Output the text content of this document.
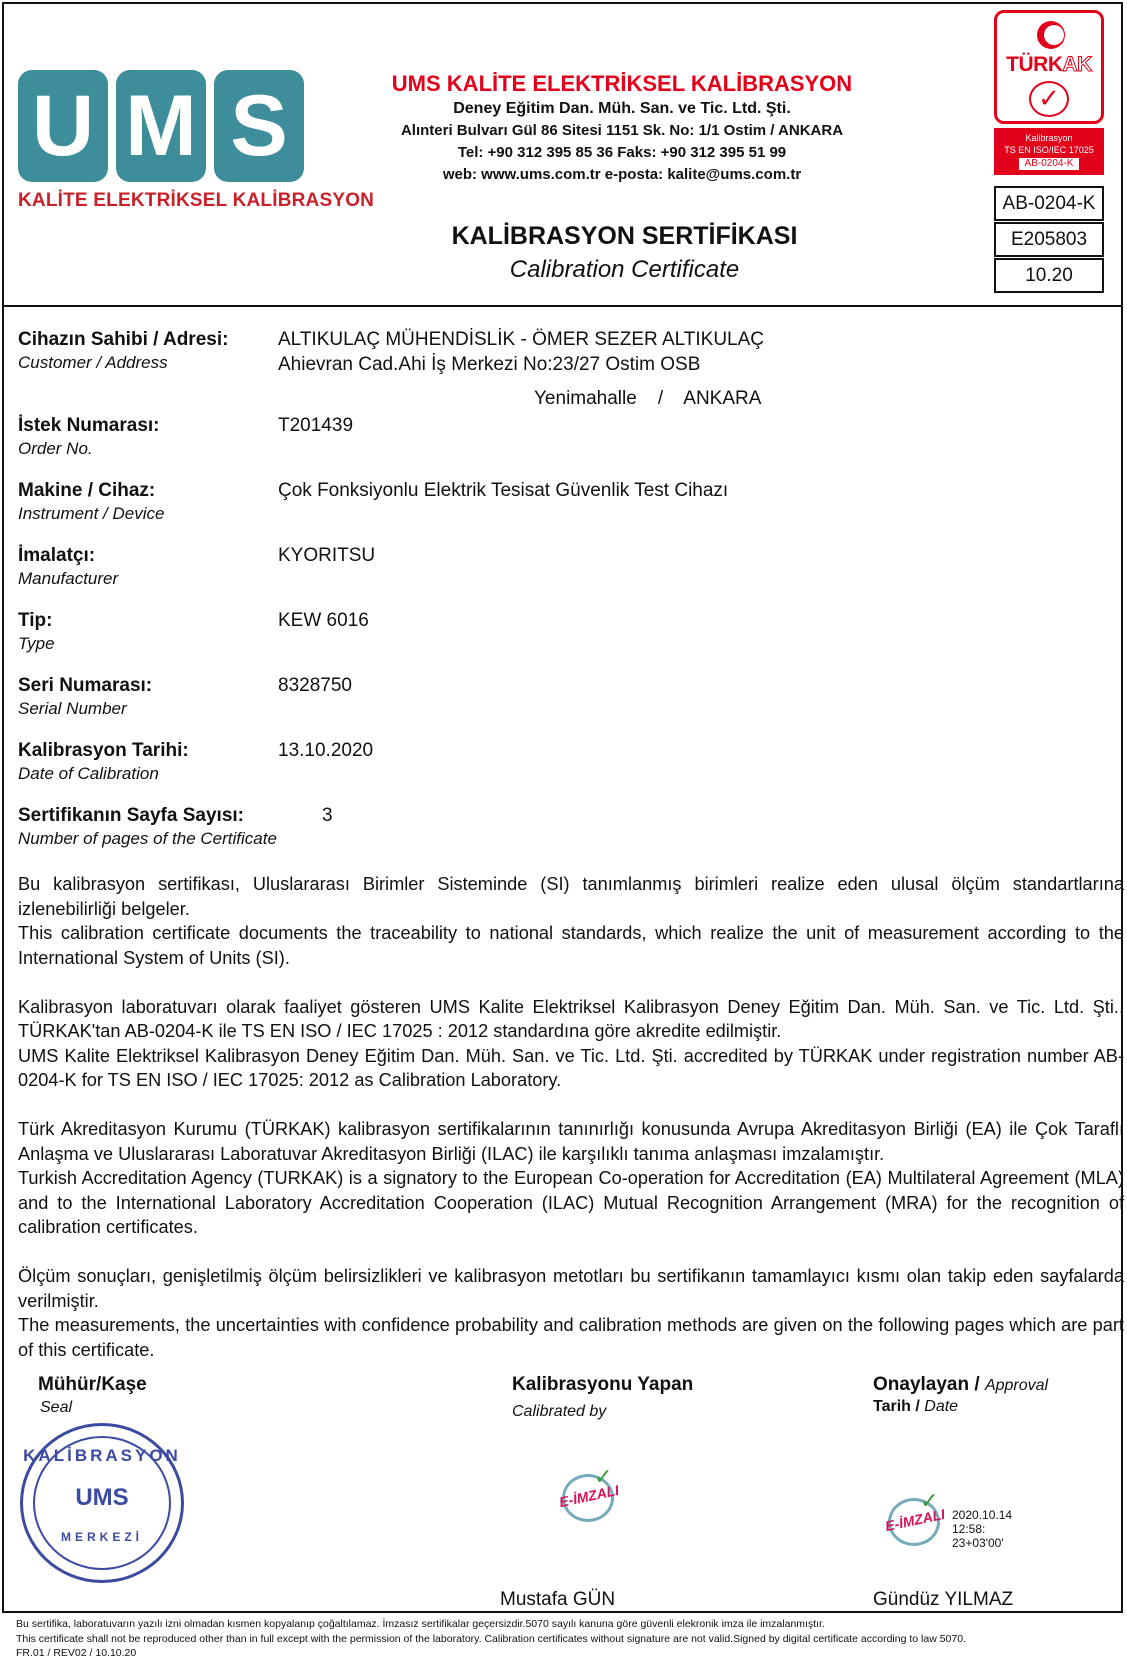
U M S
KALİTE ELEKTRİKSEL KALİBRASYON
UMS KALİTE ELEKTRİKSEL KALİBRASYON
Deney Eğitim Dan. Müh. San. ve Tic. Ltd. Şti.
Alınteri Bulvarı Gül 86 Sitesi 1151 Sk. No: 1/1 Ostim / ANKARA
Tel: +90 312 395 85 36 Faks: +90 312 395 51 99
web: www.ums.com.tr e-posta: kalite@ums.com.tr
KALİBRASYON SERTİFİKASI
Calibration Certificate
TÜRKAK
✓
Kalibrasyon
TS EN ISO/IEC 17025
AB-0204-K
AB-0204-K
E205803
10.20
Cihazın Sahibi / Adresi:
Customer / Address
ALTIKULAÇ MÜHENDİSLİK - ÖMER SEZER ALTIKULAÇ
Ahievran Cad.Ahi İş Merkezi No:23/27 Ostim OSB
Yenimahalle    /    ANKARA
İstek Numarası:
Order No.
T201439
Makine / Cihaz:
Instrument / Device
Çok Fonksiyonlu Elektrik Tesisat Güvenlik Test Cihazı
İmalatçı:
Manufacturer
KYORITSU
Tip:
Type
KEW 6016
Seri Numarası:
Serial Number
8328750
Kalibrasyon Tarihi:
Date of Calibration
13.10.2020
Sertifikanın Sayfa Sayısı:
Number of pages of the Certificate
3

Bu kalibrasyon sertifikası, Uluslararası Birimler Sisteminde (SI) tanımlanmış birimleri realize eden ulusal ölçüm standartlarına izlenebilirliği belgeler.
This calibration certificate documents the traceability to national standards, which realize the unit of measurement according to the International System of Units (SI).

Kalibrasyon laboratuvarı olarak faaliyet gösteren UMS Kalite Elektriksel Kalibrasyon Deney Eğitim Dan. Müh. San. ve Tic. Ltd. Şti., TÜRKAK'tan AB-0204-K ile TS EN ISO / IEC 17025 : 2012 standardına göre akredite edilmiştir.
UMS Kalite Elektriksel Kalibrasyon Deney Eğitim Dan. Müh. San. ve Tic. Ltd. Şti. accredited by TÜRKAK under registration number AB-0204-K for TS EN ISO / IEC 17025: 2012 as Calibration Laboratory.

Türk Akreditasyon Kurumu (TÜRKAK) kalibrasyon sertifikalarının tanınırlığı konusunda Avrupa Akreditasyon Birliği (EA) ile Çok Taraflı Anlaşma ve Uluslararası Laboratuvar Akreditasyon Birliği (ILAC) ile karşılıklı tanıma anlaşması imzalamıştır.
Turkish Accreditation Agency (TURKAK) is a signatory to the European Co-operation for Accreditation (EA) Multilateral Agreement (MLA) and to the International Laboratory Accreditation Cooperation (ILAC) Mutual Recognition Arrangement (MRA) for the recognition of calibration certificates.

Ölçüm sonuçları, genişletilmiş ölçüm belirsizlikleri ve kalibrasyon metotları bu sertifikanın tamamlayıcı kısmı olan takip eden sayfalarda verilmiştir.
The measurements, the uncertainties with confidence probability and calibration methods are given on the following pages which are part of this certificate.

Mühür/Kaşe
Seal
KALİBRASYON
UMS
MERKEZİ
Kalibrasyonu Yapan
Calibrated by
E-İMZALI
✓
Mustafa GÜN
Onaylayan / Approval
Tarih / Date
E-İMZALI
✓
2020.10.14
12:58:
23+03'00'
Gündüz YILMAZ
Bu sertifika, laboratuvarın yazılı izni olmadan kısmen kopyalanıp çoğaltılamaz. İmzasız sertifikalar geçersizdir.5070 sayılı kanuna göre güvenli elekronik imza ile imzalanmıştır.
This certificate shall not be reproduced other than in full except with the permission of the laboratory. Calibration certificates without signature are not valid.Signed by digital certificate according to law 5070.
FR.01 / REV02 / 10.10.20
